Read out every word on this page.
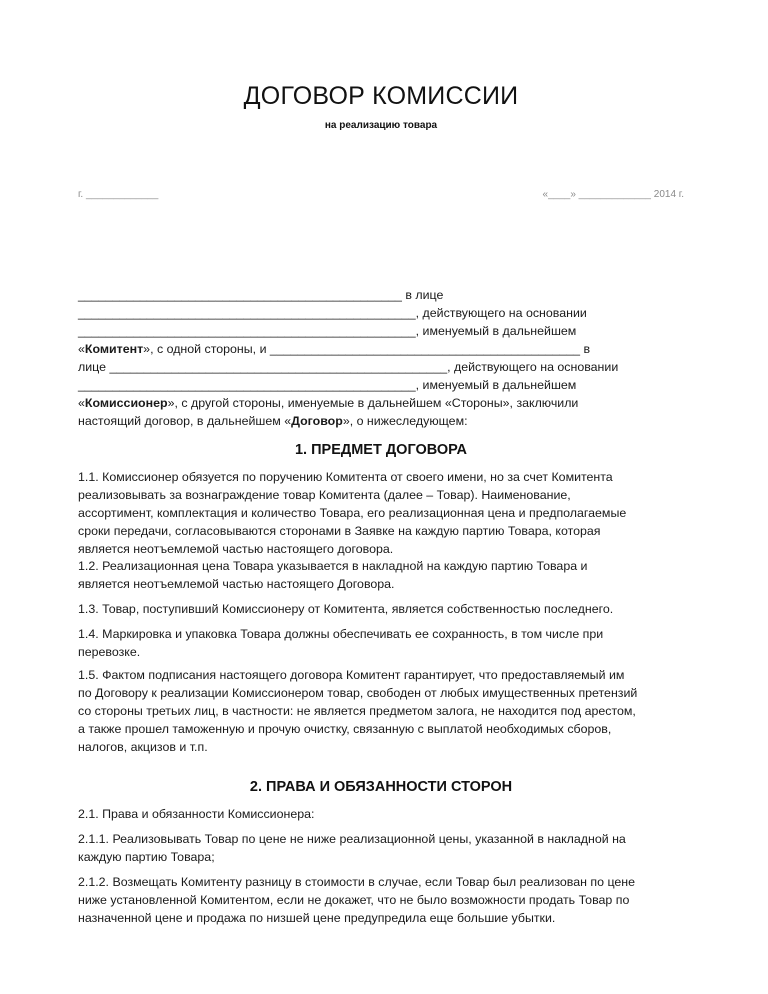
ДОГОВОР КОМИССИИ
на реализацию товара
г. _____________	«____» _____________ 2014 г.
_______________________________________________ в лице
_________________________________________________, действующего на основании
_________________________________________________, именуемый в дальнейшем
«Комитент», с одной стороны, и _____________________________________________ в
лице _________________________________________________, действующего на основании
_________________________________________________, именуемый в дальнейшем
«Комиссионер», с другой стороны, именуемые в дальнейшем «Стороны», заключили
настоящий договор, в дальнейшем «Договор», о нижеследующем:
1. ПРЕДМЕТ ДОГОВОРА
1.1. Комиссионер обязуется по поручению Комитента от своего имени, но за счет Комитента
реализовывать за вознаграждение товар Комитента (далее – Товар). Наименование,
ассортимент, комплектация и количество Товара, его реализационная цена и предполагаемые
сроки передачи, согласовываются сторонами в Заявке на каждую партию Товара, которая
является неотъемлемой частью настоящего договора.
1.2. Реализационная цена Товара указывается в накладной на каждую партию Товара и
является неотъемлемой частью настоящего Договора.
1.3. Товар, поступивший Комиссионеру от Комитента, является собственностью последнего.
1.4. Маркировка и упаковка Товара должны обеспечивать ее сохранность, в том числе при
перевозке.
1.5. Фактом подписания настоящего договора Комитент гарантирует, что предоставляемый им
по Договору к реализации Комиссионером товар, свободен от любых имущественных претензий
со стороны третьих лиц, в частности: не является предметом залога, не находится под арестом,
а также прошел таможенную и прочую очистку, связанную с выплатой необходимых сборов,
налогов, акцизов и т.п.
2. ПРАВА И ОБЯЗАННОСТИ СТОРОН
2.1. Права и обязанности Комиссионера:
2.1.1. Реализовывать Товар по цене не ниже реализационной цены, указанной в накладной на
каждую партию Товара;
2.1.2. Возмещать Комитенту разницу в стоимости в случае, если Товар был реализован по цене
ниже установленной Комитентом, если не докажет, что не было возможности продать Товар по
назначенной цене и продажа по низшей цене предупредила еще большие убытки.
